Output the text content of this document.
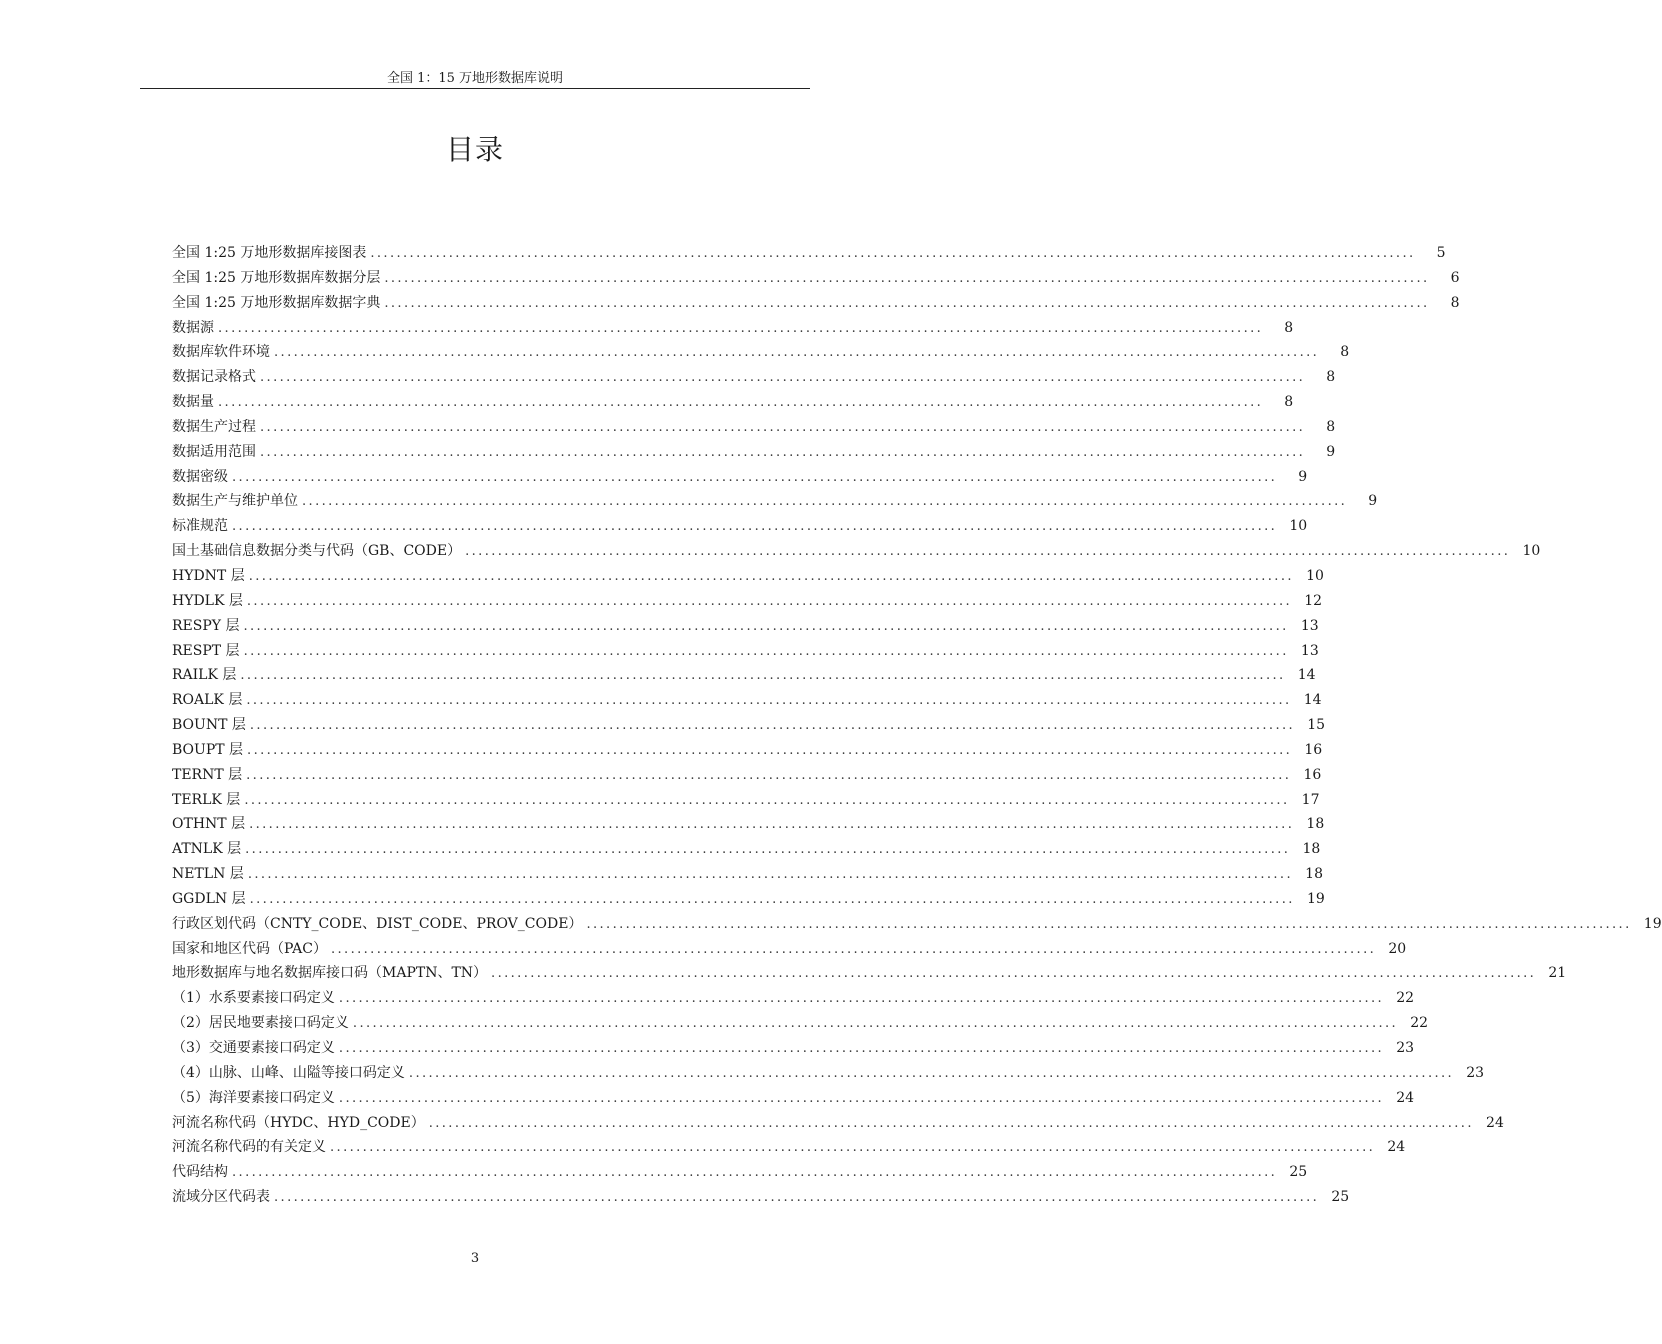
全国 1：15 万地形数据库说明
目录
全国 1:25 万地形数据库接图表 ................................................................................................................................................................	5
全国 1:25 万地形数据库数据分层 ................................................................................................................................................................	6
全国 1:25 万地形数据库数据字典 ................................................................................................................................................................	8
数据源 ................................................................................................................................................................	8
数据库软件环境 ................................................................................................................................................................	8
数据记录格式 ................................................................................................................................................................	8
数据量 ................................................................................................................................................................	8
数据生产过程 ................................................................................................................................................................	8
数据适用范围 ................................................................................................................................................................	9
数据密级 ................................................................................................................................................................	9
数据生产与维护单位 ................................................................................................................................................................	9
标准规范 ................................................................................................................................................................ 10
国土基础信息数据分类与代码（GB、CODE） ................................................................................................................................................................ 10
HYDNT 层 ................................................................................................................................................................ 10
HYDLK 层 ................................................................................................................................................................ 12
RESPY 层 ................................................................................................................................................................ 13
RESPT 层 ................................................................................................................................................................ 13
RAILK 层 ................................................................................................................................................................ 14
ROALK 层 ................................................................................................................................................................ 14
BOUNT 层 ................................................................................................................................................................ 15
BOUPT 层 ................................................................................................................................................................ 16
TERNT 层 ................................................................................................................................................................ 16
TERLK 层 ................................................................................................................................................................ 17
OTHNT 层 ................................................................................................................................................................ 18
ATNLK 层 ................................................................................................................................................................ 18
NETLN 层 ................................................................................................................................................................ 18
GGDLN 层 ................................................................................................................................................................ 19
行政区划代码（CNTY_CODE、DIST_CODE、PROV_CODE） ................................................................................................................................................................ 19
国家和地区代码（PAC） ................................................................................................................................................................ 20
地形数据库与地名数据库接口码（MAPTN、TN） ................................................................................................................................................................ 21
（1）水系要素接口码定义 ................................................................................................................................................................ 22
（2）居民地要素接口码定义 ................................................................................................................................................................ 22
（3）交通要素接口码定义 ................................................................................................................................................................ 23
（4）山脉、山峰、山隘等接口码定义 ................................................................................................................................................................ 23
（5）海洋要素接口码定义 ................................................................................................................................................................ 24
河流名称代码（HYDC、HYD_CODE） ................................................................................................................................................................ 24
河流名称代码的有关定义 ................................................................................................................................................................ 24
代码结构 ................................................................................................................................................................ 25
流域分区代码表 ................................................................................................................................................................ 25
3
